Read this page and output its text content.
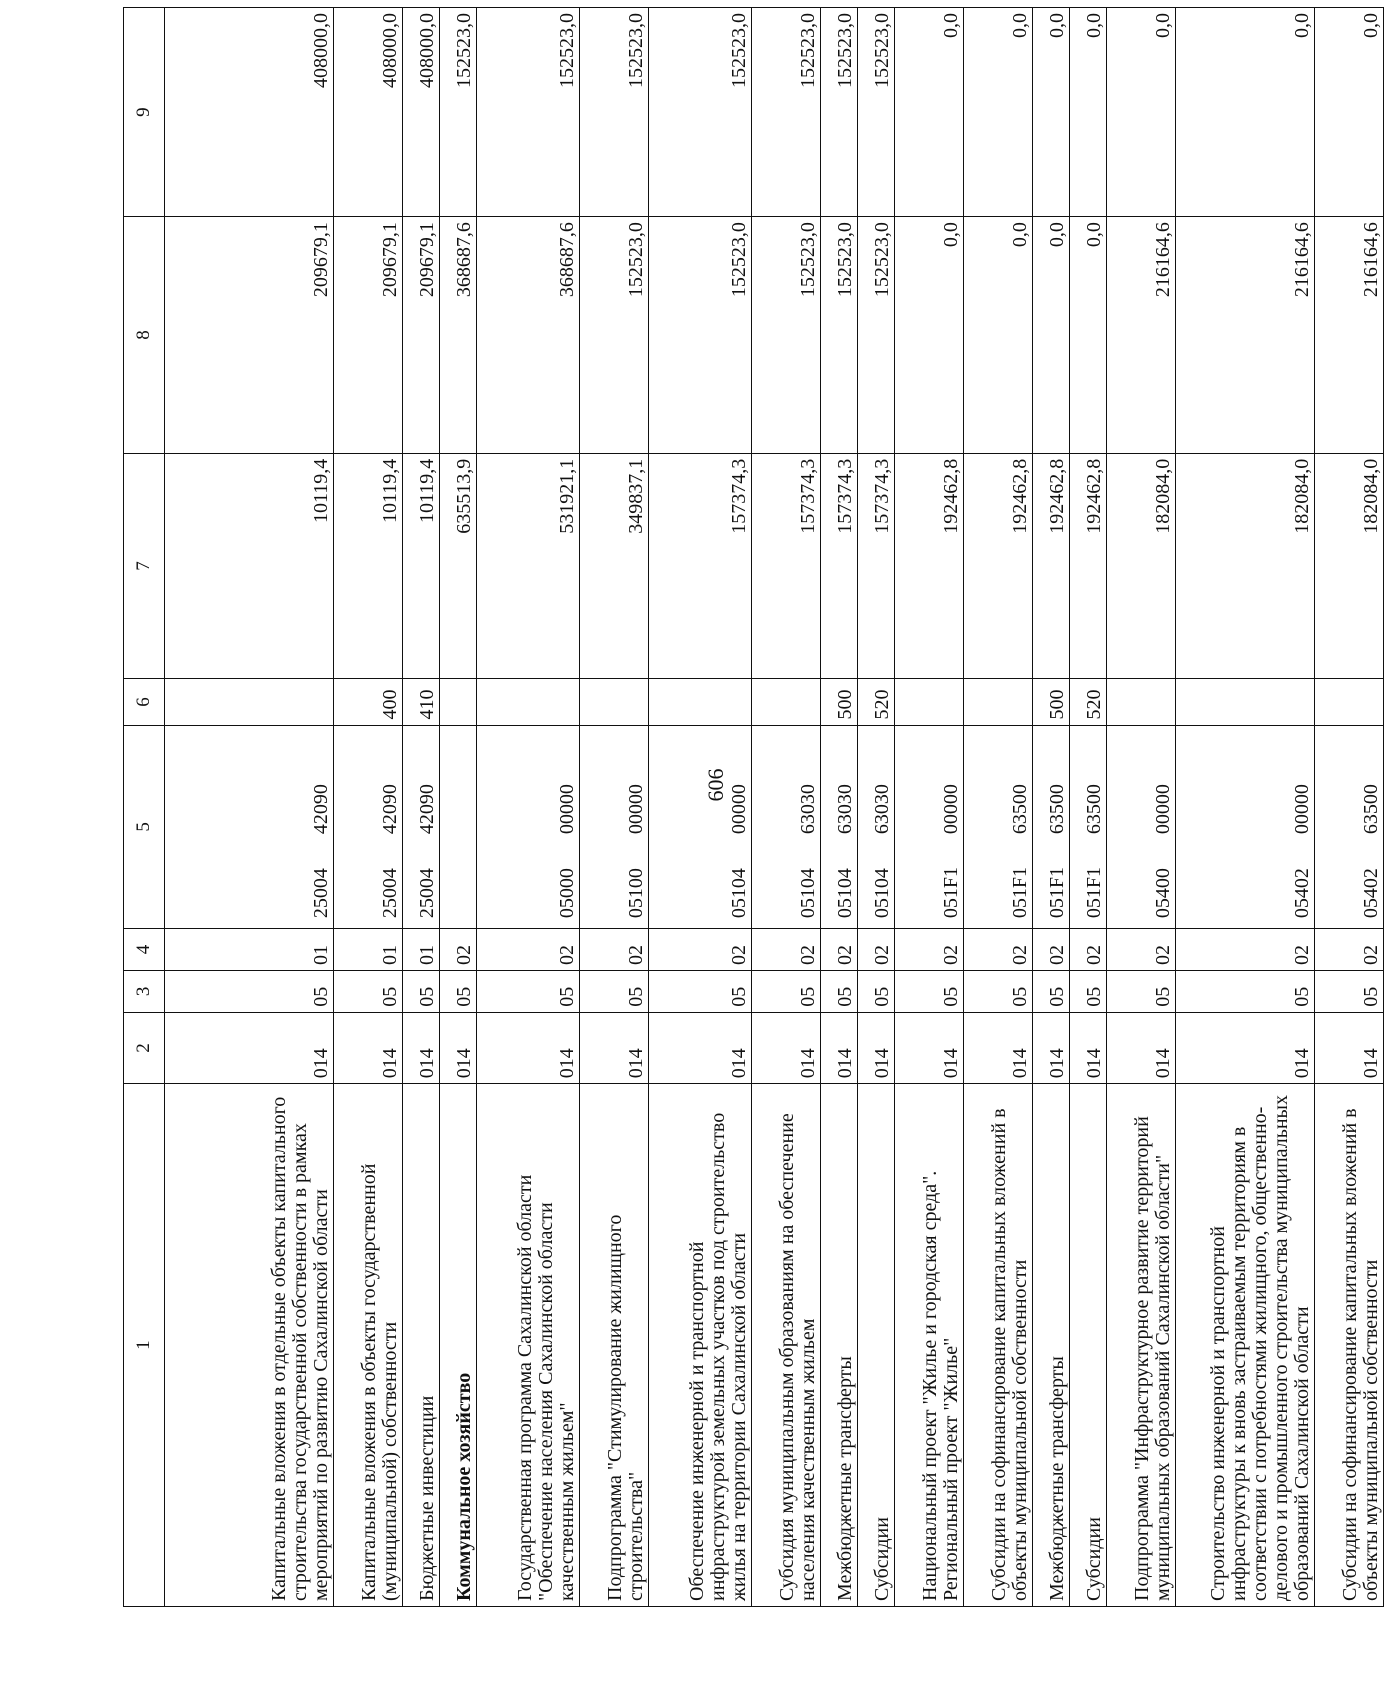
606
1	2	3	4	5	6	7	8	9
Капитальные вложения в отдельные объекты капитального строительства государственной собственности в рамках мероприятий по развитию Сахалинской области	014	05	01	2500442090		10119,4	209679,1	408000,0
Капитальные вложения в объекты государственной (муниципальной) собственности	014	05	01	2500442090	400	10119,4	209679,1	408000,0
Бюджетные инвестиции	014	05	01	2500442090	410	10119,4	209679,1	408000,0
Коммунальное хозяйство	014	05	02			635513,9	368687,6	152523,0
Государственная программа Сахалинской области "Обеспечение населения Сахалинской области качественным жильем"	014	05	02	0500000000		531921,1	368687,6	152523,0
Подпрограмма "Стимулирование жилищного строительства"	014	05	02	0510000000		349837,1	152523,0	152523,0
Обеспечение инженерной и транспортной инфраструктурой земельных участков под строительство жилья на территории Сахалинской области	014	05	02	0510400000		157374,3	152523,0	152523,0
Субсидия муниципальным образованиям на обеспечение населения качественным жильем	014	05	02	0510463030		157374,3	152523,0	152523,0
Межбюджетные трансферты	014	05	02	0510463030	500	157374,3	152523,0	152523,0
Субсидии	014	05	02	0510463030	520	157374,3	152523,0	152523,0
Национальный проект "Жилье и городская среда". Региональный проект "Жилье"	014	05	02	051F100000		192462,8	0,0	0,0
Субсидии на софинансирование капитальных вложений в объекты муниципальной собственности	014	05	02	051F163500		192462,8	0,0	0,0
Межбюджетные трансферты	014	05	02	051F163500	500	192462,8	0,0	0,0
Субсидии	014	05	02	051F163500	520	192462,8	0,0	0,0
Подпрограмма "Инфраструктурное развитие территорий муниципальных образований Сахалинской области"	014	05	02	0540000000		182084,0	216164,6	0,0
Строительство инженерной и транспортной инфраструктуры к вновь застраиваемым территориям в соответствии с потребностями жилищного, общественно-делового и промышленного строительства муниципальных образований Сахалинской области	014	05	02	0540200000		182084,0	216164,6	0,0
Субсидии на софинансирование капитальных вложений в объекты муниципальной собственности	014	05	02	0540263500		182084,0	216164,6	0,0
